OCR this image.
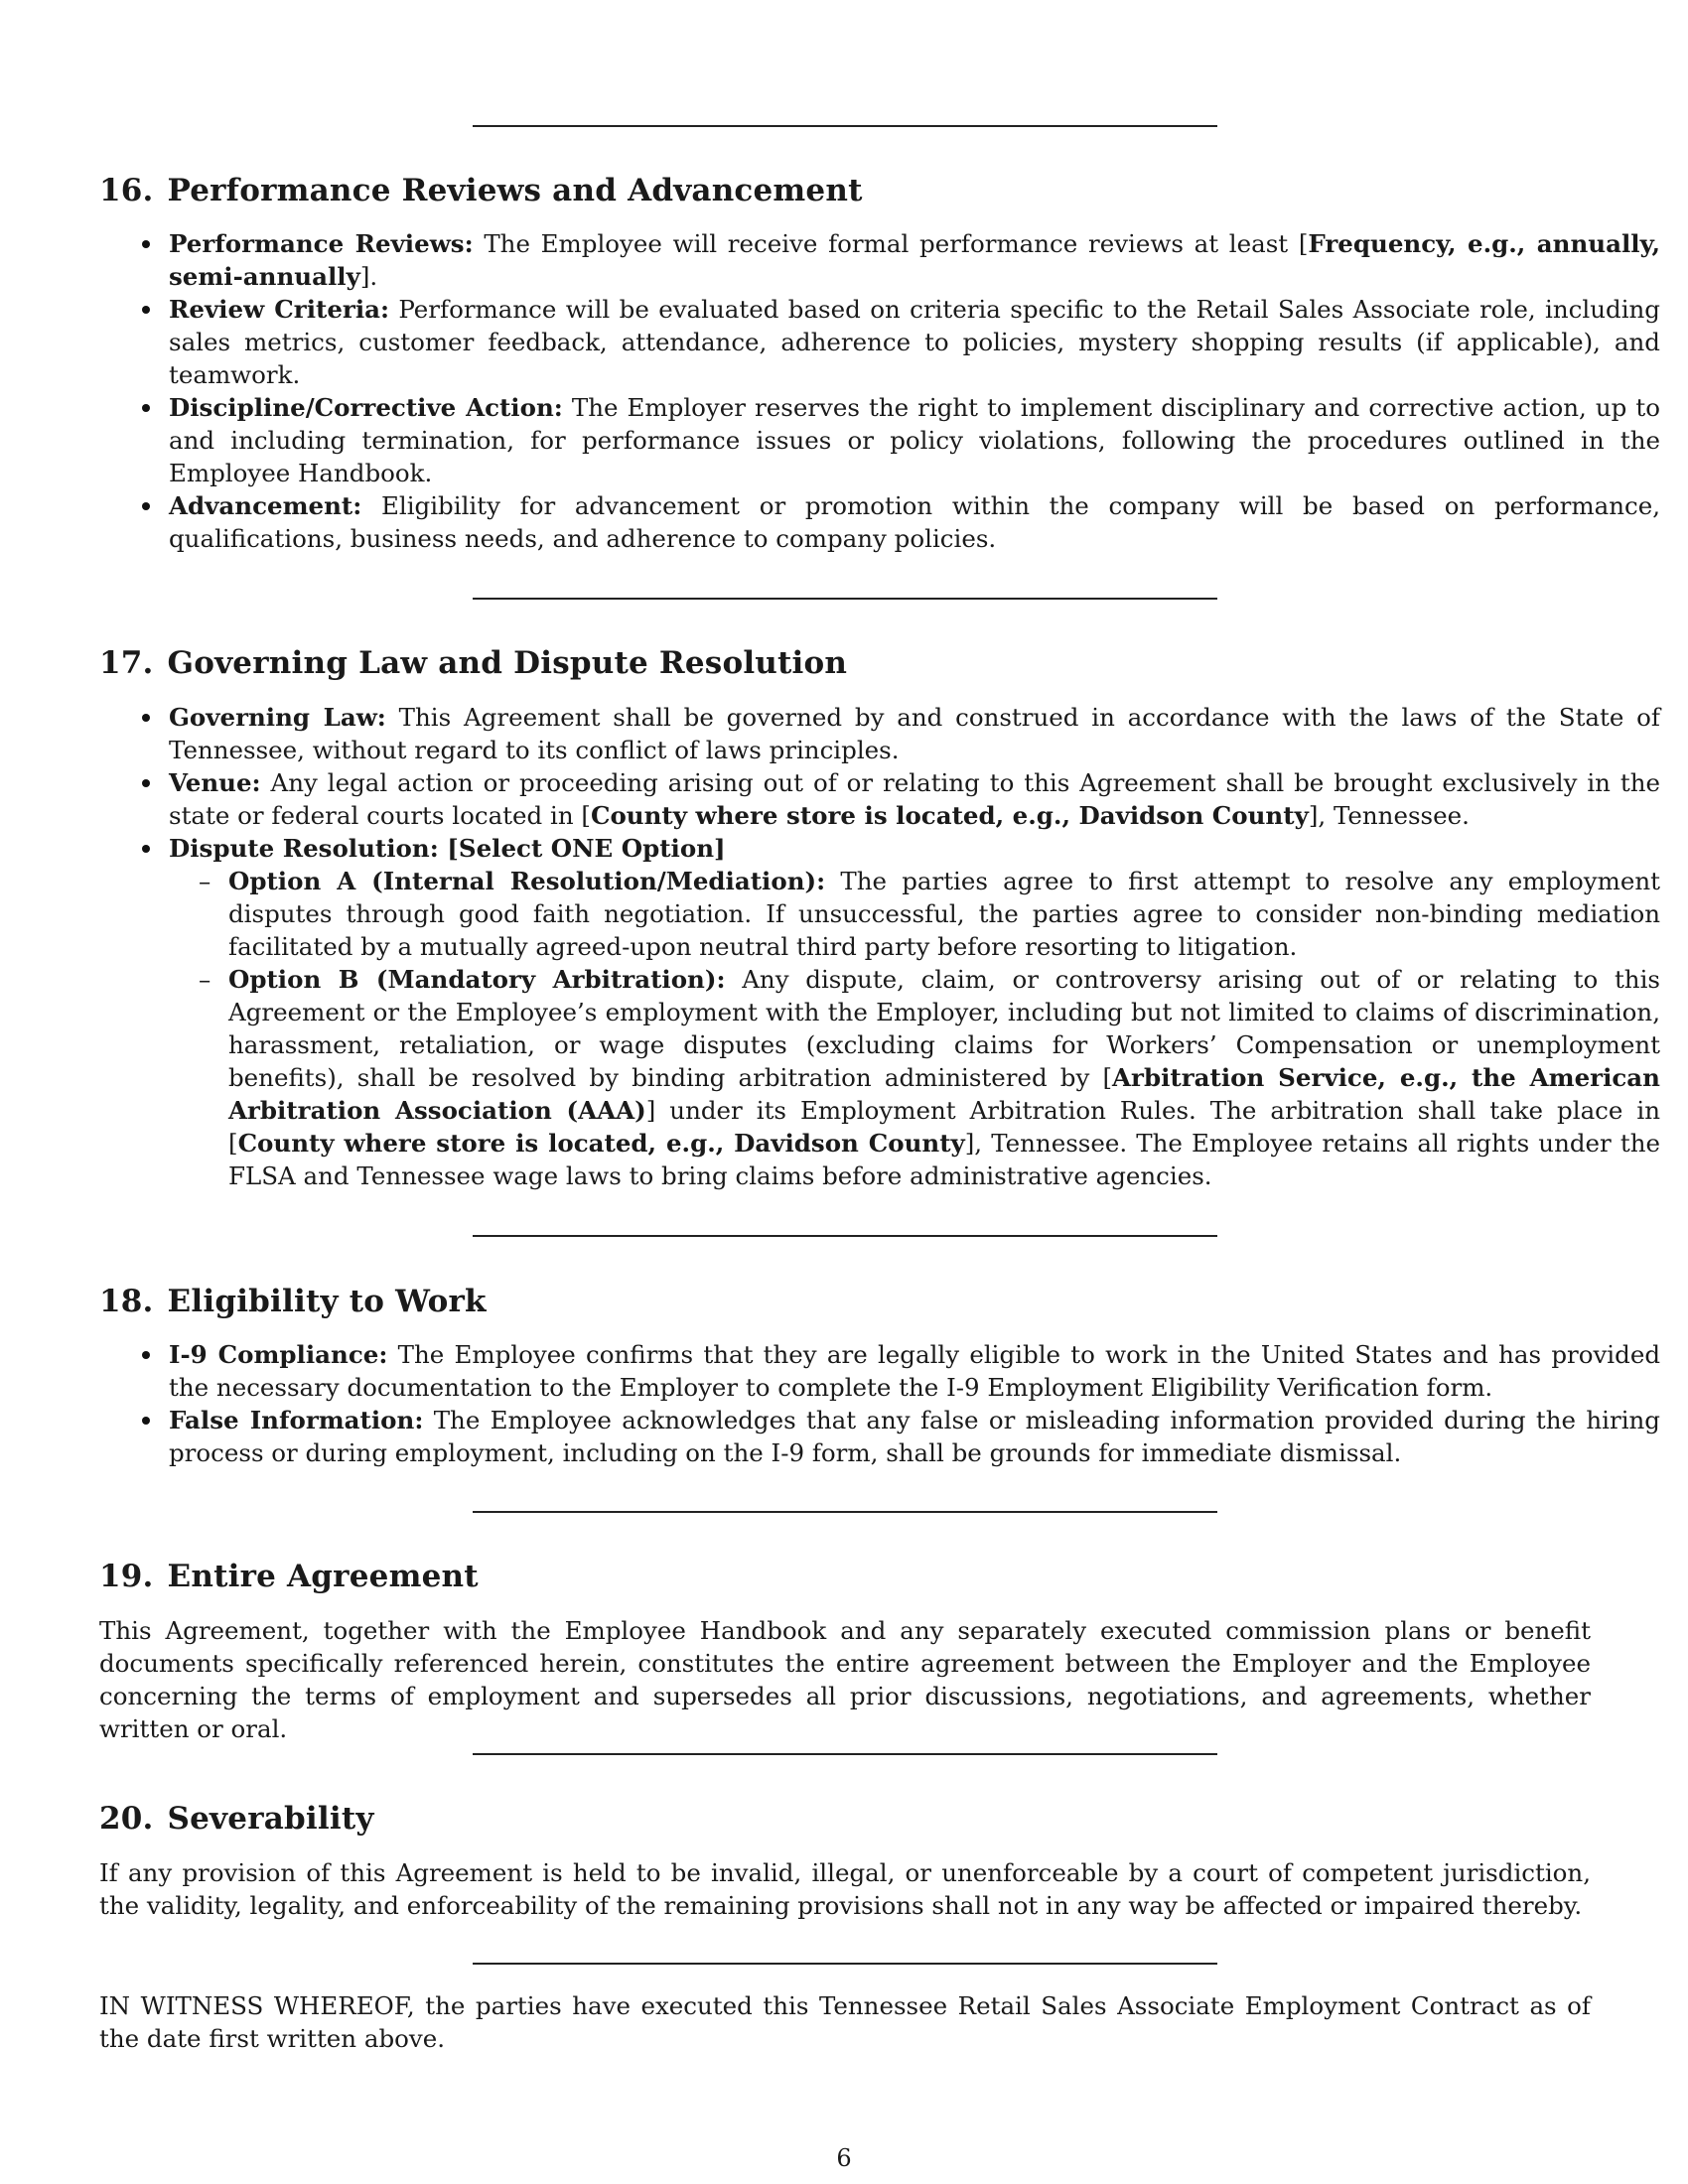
16. Performance Reviews and Advancement
Performance Reviews: The Employee will receive formal performance reviews at least [Frequency, e.g., annually, semi-annually].
Review Criteria: Performance will be evaluated based on criteria specific to the Retail Sales Associate role, including sales metrics, customer feedback, attendance, adherence to policies, mystery shopping results (if applicable), and teamwork.
Discipline/Corrective Action: The Employer reserves the right to implement disciplinary and corrective action, up to and including termination, for performance issues or policy violations, following the procedures outlined in the Employee Handbook.
Advancement: Eligibility for advancement or promotion within the company will be based on performance, qualifications, business needs, and adherence to company policies.
17. Governing Law and Dispute Resolution
Governing Law: This Agreement shall be governed by and construed in accordance with the laws of the State of Tennessee, without regard to its conflict of laws principles.
Venue: Any legal action or proceeding arising out of or relating to this Agreement shall be brought exclusively in the state or federal courts located in [County where store is located, e.g., Davidson County], Tennessee.
Dispute Resolution: [Select ONE Option]
– Option A (Internal Resolution/Mediation): The parties agree to first attempt to resolve any employment disputes through good faith negotiation. If unsuccessful, the parties agree to consider non-binding mediation facilitated by a mutually agreed-upon neutral third party before resorting to litigation.
– Option B (Mandatory Arbitration): Any dispute, claim, or controversy arising out of or relating to this Agreement or the Employee’s employment with the Employer, including but not limited to claims of discrimination, harassment, retaliation, or wage disputes (excluding claims for Workers’ Compensation or unemployment benefits), shall be resolved by binding arbitration administered by [Arbitration Service, e.g., the American Arbitration Association (AAA)] under its Employment Arbitration Rules. The arbitration shall take place in [County where store is located, e.g., Davidson County], Tennessee. The Employee retains all rights under the FLSA and Tennessee wage laws to bring claims before administrative agencies.
18. Eligibility to Work
I-9 Compliance: The Employee confirms that they are legally eligible to work in the United States and has provided the necessary documentation to the Employer to complete the I-9 Employment Eligibility Verification form.
False Information: The Employee acknowledges that any false or misleading information provided during the hiring process or during employment, including on the I-9 form, shall be grounds for immediate dismissal.
19. Entire Agreement

This Agreement, together with the Employee Handbook and any separately executed commission plans or benefit documents specifically referenced herein, constitutes the entire agreement between the Employer and the Employee concerning the terms of employment and supersedes all prior discussions, negotiations, and agreements, whether written or oral.

20. Severability

If any provision of this Agreement is held to be invalid, illegal, or unenforceable by a court of competent jurisdiction, the validity, legality, and enforceability of the remaining provisions shall not in any way be affected or impaired thereby.

IN WITNESS WHEREOF, the parties have executed this Tennessee Retail Sales Associate Employment Contract as of the date first written above.

6
